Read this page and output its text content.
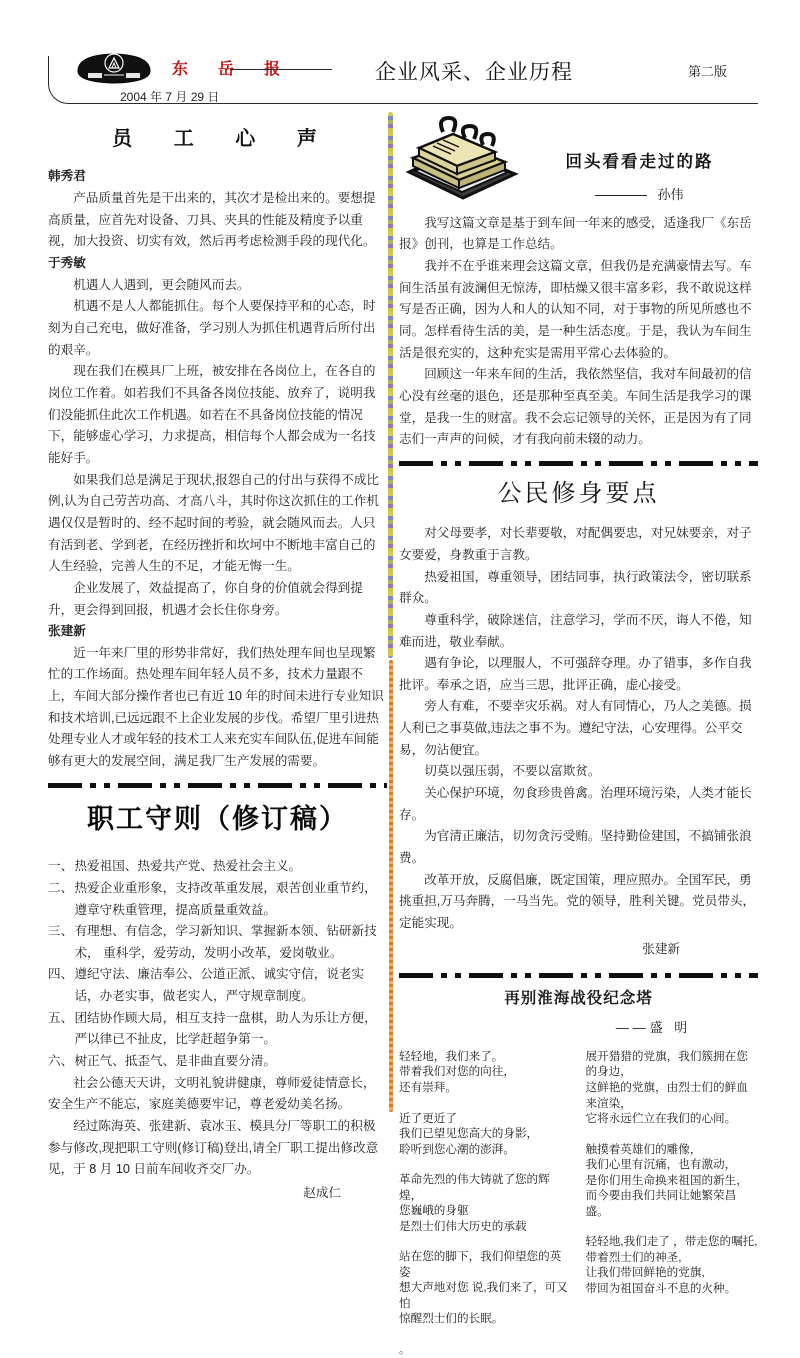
东 岳 报
2004 年 7 月 29 日
企业风采、企业历程	第二版
员 工 心 声

韩秀君

产品质量首先是干出来的，其次才是检出来的。要想提高质量，应首先对设备、刀具、夹具的性能及精度予以重视，加大投资、切实有效，然后再考虑检测手段的现代化。

于秀敏

机遇人人遇到，更会随风而去。

机遇不是人人都能抓住。每个人要保持平和的心态，时刻为自己充电，做好准备，学习别人为抓住机遇背后所付出的艰辛。

现在我们在模具厂上班，被安排在各岗位上，在各自的岗位工作着。如若我们不具备各岗位技能、放弃了，说明我们没能抓住此次工作机遇。如若在不具备岗位技能的情况下，能够虚心学习，力求提高，相信每个人都会成为一名技能好手。

如果我们总是满足于现状,报怨自己的付出与获得不成比例,认为自己劳苦功高、才高八斗，其时你这次抓住的工作机遇仅仅是暂时的、经不起时间的考验，就会随风而去。人只有活到老、学到老，在经历挫折和坎坷中不断地丰富自己的人生经验，完善人生的不足，才能无悔一生。

企业发展了，效益提高了，你自身的价值就会得到提升，更会得到回报，机遇才会长住你身旁。

张建新

近一年来厂里的形势非常好，我们热处理车间也呈现繁忙的工作场面。热处理车间年轻人员不多，技术力量跟不上，车间大部分操作者也已有近 10 年的时间未进行专业知识和技术培训,已远远跟不上企业发展的步伐。希望厂里引进热处理专业人才或年轻的技术工人来充实车间队伍,促进车间能够有更大的发展空间，满足我厂生产发展的需要。

职工守则（修订稿）
一、 热爱祖国、热爱共产党、热爱社会主义。
二、 热爱企业重形象，支持改革重发展，艰苦创业重节约，遵章守秩重管理，提高质量重效益。
三、 有理想、有信念，学习新知识、掌握新本领、钻研新技术， 重科学，爱劳动，发明小改革，爱岗敬业。
四、 遵纪守法、廉洁奉公、公道正派、诚实守信，说老实话，办老实事，做老实人，严守规章制度。
五、 团结协作顾大局，相互支持一盘棋，助人为乐让方便，严以律已不扯皮，比学赶超争第一。
六、 树正气、抵歪气、是非曲直要分清。

社会公德天天讲，文明礼貌讲健康，尊师爱徒情意长，安全生产不能忘，家庭美德要牢记，尊老爱幼美名扬。

经过陈海英、张建新、袁冰玉、模具分厂等职工的积极参与修改,现把职工守则(修订稿)登出,请全厂职工提出修改意见，于 8 月 10 日前车间收齐交厂办。

赵成仁

回头看看走过的路
孙伟

我写这篇文章是基于到车间一年来的感受，适逢我厂《东岳报》创刊，也算是工作总结。

我并不在乎谁来理会这篇文章，但我仍是充满豪情去写。车间生活虽有波澜但无惊涛，即枯燥又很丰富多彩，我不敢说这样写是否正确，因为人和人的认知不同，对于事物的所见所感也不同。怎样看待生活的美，是一种生活态度。于是，我认为车间生活是很充实的，这种充实是需用平常心去体验的。

回顾这一年来车间的生活，我依然坚信，我对车间最初的信心没有丝毫的退色，还是那种至真至美。车间生活是我学习的课堂，是我一生的财富。我不会忘记领导的关怀，正是因为有了同志们一声声的问候，才有我向前未辍的动力。

公民修身要点

对父母要孝，对长辈要敬，对配偶要忠，对兄妹要亲，对子女要爱，身教重于言教。

热爱祖国，尊重领导，团结同事，执行政策法令，密切联系群众。

尊重科学，破除迷信，注意学习，学而不厌，诲人不倦，知难而进，敬业奉献。

遇有争论，以理服人，不可强辞夺理。办了错事，多作自我批评。奉承之语，应当三思，批评正确，虚心接受。

旁人有难，不要幸灾乐祸。对人有同情心，乃人之美德。损人利已之事莫做,违法之事不为。遵纪守法，心安理得。公平交易，勿沾便宜。

切莫以强压弱，不要以富欺贫。

关心保护环境，勿食珍贵兽禽。治理环境污染，人类才能长存。

为官清正廉洁，切勿贪污受贿。坚持勤俭建国，不搞铺张浪费。

改革开放，反腐倡廉，既定国策，理应照办。全国军民，勇挑重担,万马奔腾，一马当先。党的领导，胜利关键。党员带头，定能实现。

张建新

再别淮海战役纪念塔
——盛 明
轻轻地，我们来了。
带着我们对您的向往，
还有崇拜。
近了更近了
我们已望见您高大的身影，
聆听到您心潮的澎湃。
革命先烈的伟大铸就了您的辉煌，
您巍峨的身躯
是烈士们伟大历史的承载
站在您的脚下，我们仰望您的英姿
想大声地对您 说,我们来了，可又怕
惊醒烈士们的长眠。
。
展开猎猎的党旗，我们簇拥在您的身边，
这鲜艳的党旗，由烈士们的鲜血来渲染，
它将永远伫立在我们的心间。
触摸着英雄们的雕像，
我们心里有沉痛，也有激动，
是你们用生命换来祖国的新生，
而今要由我们共同让她繁荣昌盛。
轻轻地,我们走了 ，带走您的嘱托,
带着烈士们的神圣,
让我们带回鲜艳的党旗,
带回为祖国奋斗不息的火种。
